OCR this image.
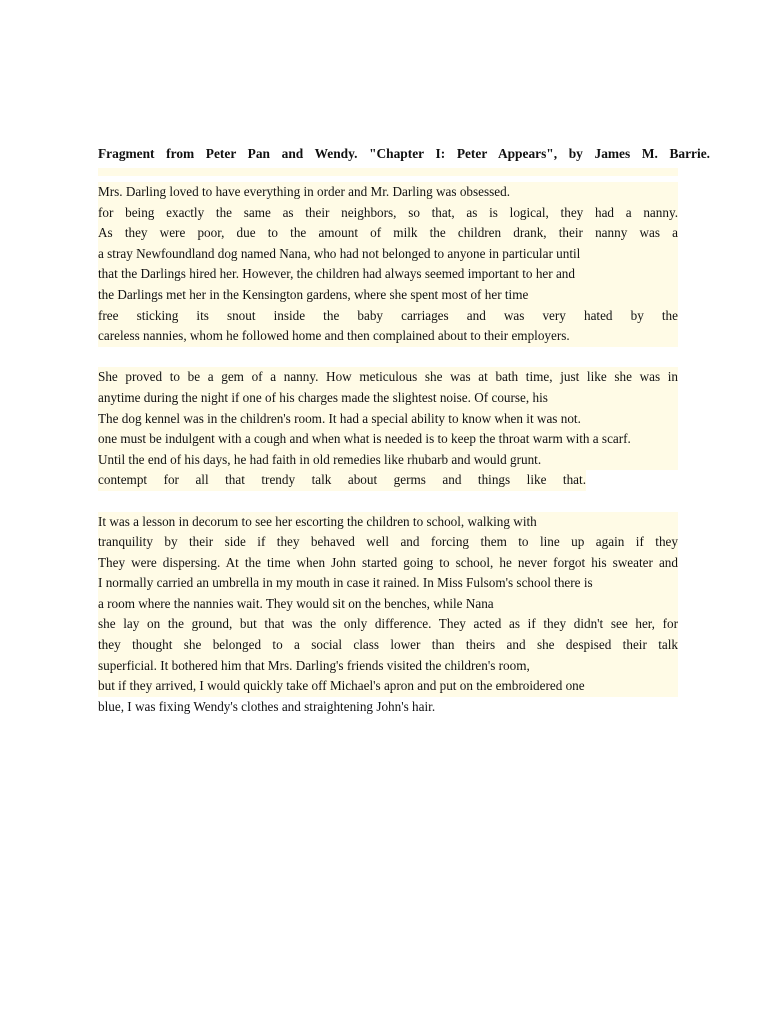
Fragment from Peter Pan and Wendy. "Chapter I: Peter Appears", by James M. Barrie.
Mrs. Darling loved to have everything in order and Mr. Darling was obsessed.
for being exactly the same as their neighbors, so that, as is logical, they had a nanny.
As they were poor, due to the amount of milk the children drank, their nanny was a
a stray Newfoundland dog named Nana, who had not belonged to anyone in particular until
that the Darlings hired her. However, the children had always seemed important to her and
the Darlings met her in the Kensington gardens, where she spent most of her time
free sticking its snout inside the baby carriages and was very hated by the
careless nannies, whom he followed home and then complained about to their employers.
She proved to be a gem of a nanny. How meticulous she was at bath time, just like she was in
anytime during the night if one of his charges made the slightest noise. Of course, his
The dog kennel was in the children's room. It had a special ability to know when it was not.
one must be indulgent with a cough and when what is needed is to keep the throat warm with a scarf.
Until the end of his days, he had faith in old remedies like rhubarb and would grunt.
contempt for all that trendy talk about germs and things like that.
It was a lesson in decorum to see her escorting the children to school, walking with
tranquility by their side if they behaved well and forcing them to line up again if they
They were dispersing. At the time when John started going to school, he never forgot his sweater and
I normally carried an umbrella in my mouth in case it rained. In Miss Fulsom's school there is
a room where the nannies wait. They would sit on the benches, while Nana
she lay on the ground, but that was the only difference. They acted as if they didn't see her, for
they thought she belonged to a social class lower than theirs and she despised their talk
superficial. It bothered him that Mrs. Darling's friends visited the children's room,
but if they arrived, I would quickly take off Michael's apron and put on the embroidered one
blue, I was fixing Wendy's clothes and straightening John's hair.
